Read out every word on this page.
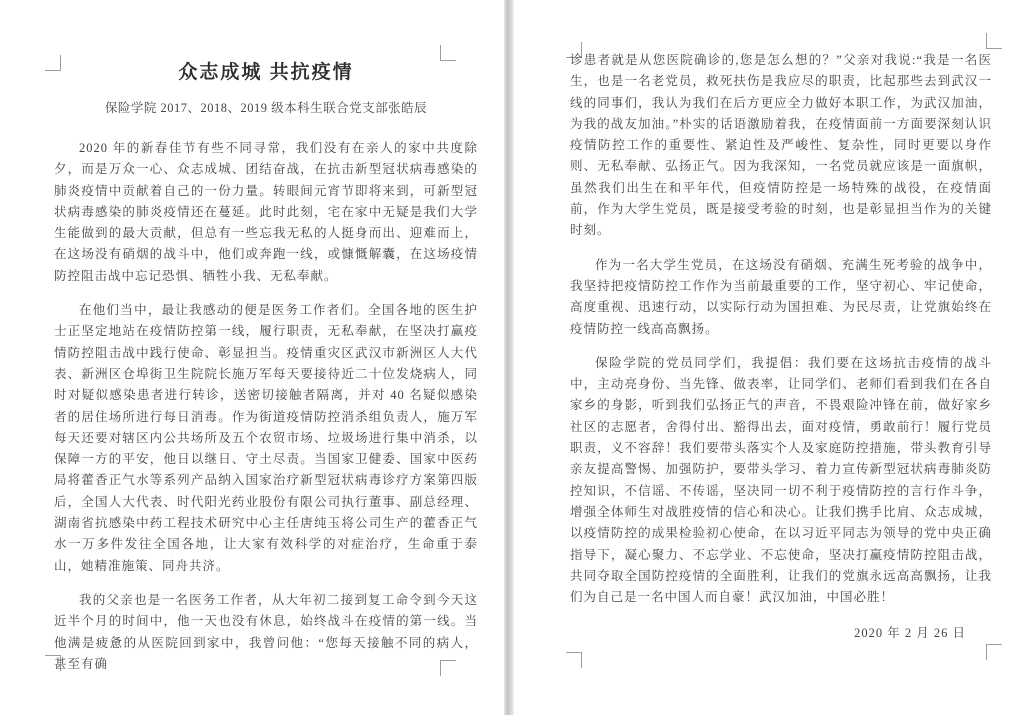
众志成城 共抗疫情
保险学院 2017、2018、2019 级本科生联合党支部张皓辰

2020 年的新春佳节有些不同寻常，我们没有在亲人的家中共度除夕，而是万众一心、众志成城、团结奋战，在抗击新型冠状病毒感染的肺炎疫情中贡献着自己的一份力量。转眼间元宵节即将来到，可新型冠状病毒感染的肺炎疫情还在蔓延。此时此刻，宅在家中无疑是我们大学生能做到的最大贡献，但总有一些忘我无私的人挺身而出、迎难而上，在这场没有硝烟的战斗中，他们或奔跑一线，或慷慨解囊，在这场疫情防控阻击战中忘记恐惧、牺牲小我、无私奉献。

在他们当中，最让我感动的便是医务工作者们。全国各地的医生护士正坚定地站在疫情防控第一线，履行职责，无私奉献，在坚决打赢疫情防控阻击战中践行使命、彰显担当。疫情重灾区武汉市新洲区人大代表、新洲区仓埠街卫生院院长施万军每天要接待近二十位发烧病人，同时对疑似感染患者进行转诊，送密切接触者隔离，并对 40 名疑似感染者的居住场所进行每日消毒。作为街道疫情防控消杀组负责人，施万军每天还要对辖区内公共场所及五个农贸市场、垃圾场进行集中消杀，以保障一方的平安，他日以继日、守土尽责。当国家卫健委、国家中医药局将藿香正气水等系列产品纳入国家治疗新型冠状病毒诊疗方案第四版后，全国人大代表、时代阳光药业股份有限公司执行董事、副总经理、湖南省抗感染中药工程技术研究中心主任唐纯玉将公司生产的藿香正气水一万多件发往全国各地，让大家有效科学的对症治疗，生命重于泰山，她精准施策、同舟共济。

我的父亲也是一名医务工作者，从大年初二接到复工命令到今天这近半个月的时间中，他一天也没有休息，始终战斗在疫情的第一线。当他满是疲惫的从医院回到家中，我曾问他：“您每天接触不同的病人，甚至有确

诊患者就是从您医院确诊的,您是怎么想的？”父亲对我说:“我是一名医生，也是一名老党员，救死扶伤是我应尽的职责，比起那些去到武汉一线的同事们，我认为我们在后方更应全力做好本职工作，为武汉加油，为我的战友加油。”朴实的话语激励着我，在疫情面前一方面要深刻认识疫情防控工作的重要性、紧迫性及严峻性、复杂性，同时更要以身作则、无私奉献、弘扬正气。因为我深知，一名党员就应该是一面旗帜，虽然我们出生在和平年代，但疫情防控是一场特殊的战役，在疫情面前，作为大学生党员，既是接受考验的时刻，也是彰显担当作为的关键时刻。

作为一名大学生党员，在这场没有硝烟、充满生死考验的战争中，我坚持把疫情防控工作作为当前最重要的工作，坚守初心、牢记使命，高度重视、迅速行动，以实际行动为国担难、为民尽责，让党旗始终在疫情防控一线高高飘扬。

保险学院的党员同学们，我提倡：我们要在这场抗击疫情的战斗中，主动亮身份、当先锋、做表率，让同学们、老师们看到我们在各自家乡的身影，听到我们弘扬正气的声音，不畏艰险冲锋在前，做好家乡社区的志愿者，舍得付出、豁得出去，面对疫情，勇敢前行！履行党员职责，义不容辞！我们要带头落实个人及家庭防控措施，带头教育引导亲友提高警惕、加强防护，要带头学习、着力宣传新型冠状病毒肺炎防控知识，不信谣、不传谣，坚决同一切不利于疫情防控的言行作斗争，增强全体师生对战胜疫情的信心和决心。让我们携手比肩、众志成城，以疫情防控的成果检验初心使命，在以习近平同志为领导的党中央正确指导下，凝心聚力、不忘学业、不忘使命，坚决打赢疫情防控阻击战，共同夺取全国防控疫情的全面胜利，让我们的党旗永远高高飘扬，让我们为自己是一名中国人而自豪！武汉加油，中国必胜！

2020 年 2 月 26 日
